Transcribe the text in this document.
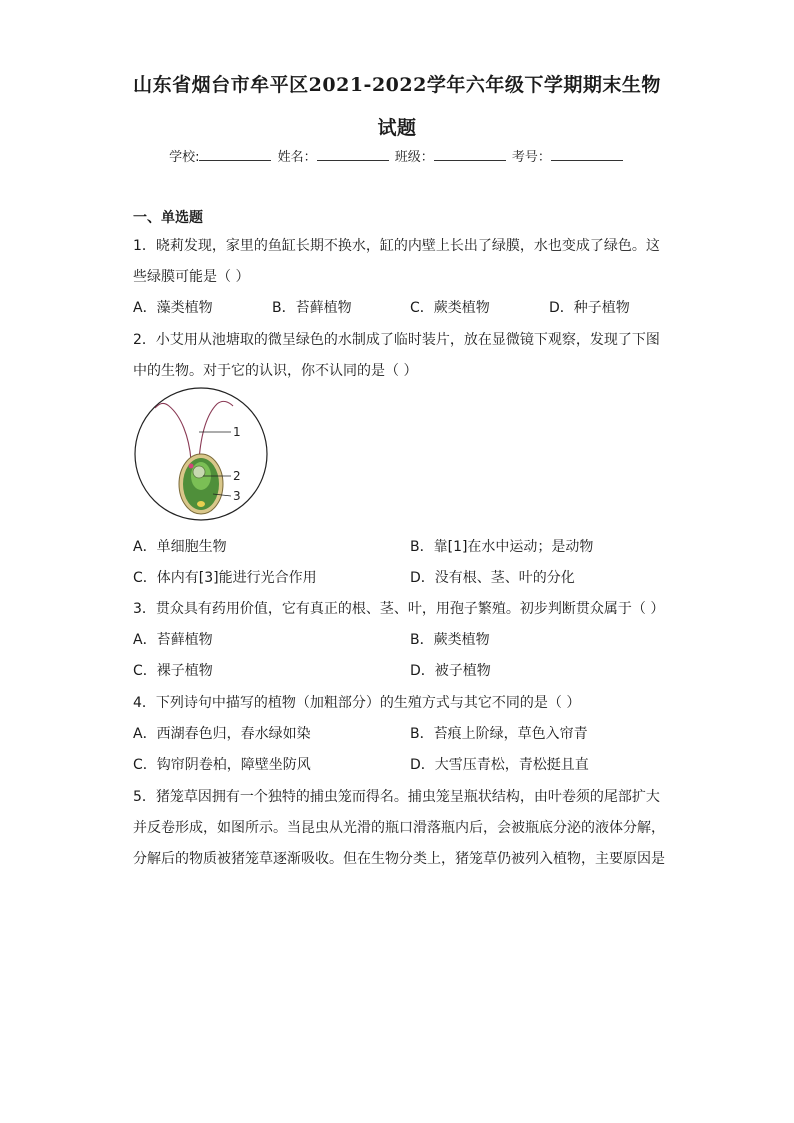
山东省烟台市牟平区2021-2022学年六年级下学期期末生物
试题
学校:	姓名：	班级：	考号：
一、单选题
1．晓莉发现，家里的鱼缸长期不换水，缸的内壁上长出了绿膜，水也变成了绿色。这
些绿膜可能是（ ）
A．藻类植物	B．苔藓植物	C．蕨类植物	D．种子植物
2．小艾用从池塘取的微呈绿色的水制成了临时装片，放在显微镜下观察，发现了下图
中的生物。对于它的认识，你不认同的是（ ）
1
2
3
A．单细胞生物	B．靠[1]在水中运动；是动物
C．体内有[3]能进行光合作用	D．没有根、茎、叶的分化
3．贯众具有药用价值，它有真正的根、茎、叶，用孢子繁殖。初步判断贯众属于（ ）
A．苔藓植物	B．蕨类植物
C．裸子植物	D．被子植物
4．下列诗句中描写的植物（加粗部分）的生殖方式与其它不同的是（ ）
A．西湖春色归，春水绿如染	B．苔痕上阶绿，草色入帘青
C．钩帘阴卷柏，障壁坐防风	D．大雪压青松，青松挺且直
5．猪笼草因拥有一个独特的捕虫笼而得名。捕虫笼呈瓶状结构，由叶卷须的尾部扩大
并反卷形成，如图所示。当昆虫从光滑的瓶口滑落瓶内后，会被瓶底分泌的液体分解，
分解后的物质被猪笼草逐渐吸收。但在生物分类上，猪笼草仍被列入植物，主要原因是
